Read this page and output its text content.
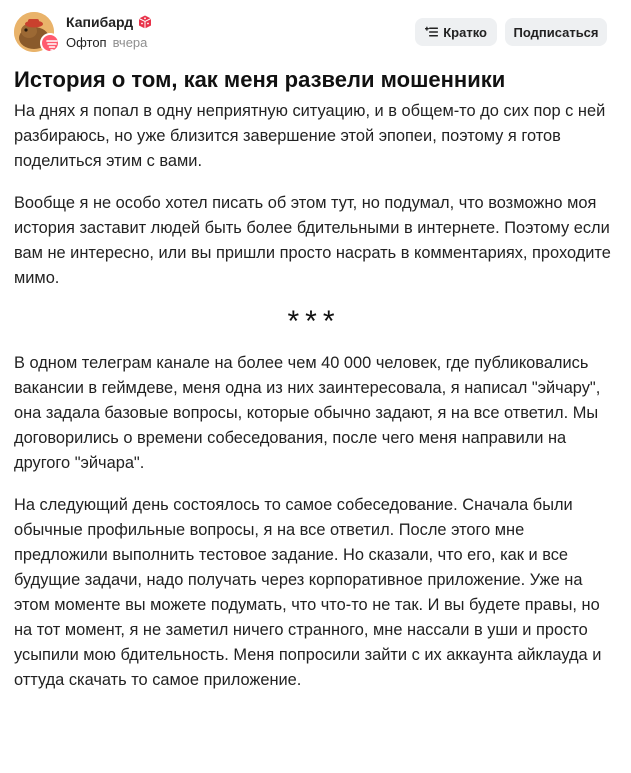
Капибард
Офтоп вчера
Кратко Подписаться
История о том, как меня развели мошенники

На днях я попал в одну неприятную ситуацию, и в общем-то до сих пор с ней разбираюсь, но уже близится завершение этой эпопеи, поэтому я готов поделиться этим с вами.

Вообще я не особо хотел писать об этом тут, но подумал, что возможно моя история заставит людей быть более бдительными в интернете. Поэтому если вам не интересно, или вы пришли просто насрать в комментариях, проходите мимо.

***

В одном телеграм канале на более чем 40 000 человек, где публиковались вакансии в геймдеве, меня одна из них заинтересовала, я написал "эйчару", она задала базовые вопросы, которые обычно задают, я на все ответил. Мы договорились о времени собеседования, после чего меня направили на другого "эйчара".

На следующий день состоялось то самое собеседование. Сначала были обычные профильные вопросы, я на все ответил. После этого мне предложили выполнить тестовое задание. Но сказали, что его, как и все будущие задачи, надо получать через корпоративное приложение. Уже на этом моменте вы можете подумать, что что-то не так. И вы будете правы, но на тот момент, я не заметил ничего странного, мне нассали в уши и просто усыпили мою бдительность. Меня попросили зайти с их аккаунта айклауда и оттуда скачать то самое приложение.
